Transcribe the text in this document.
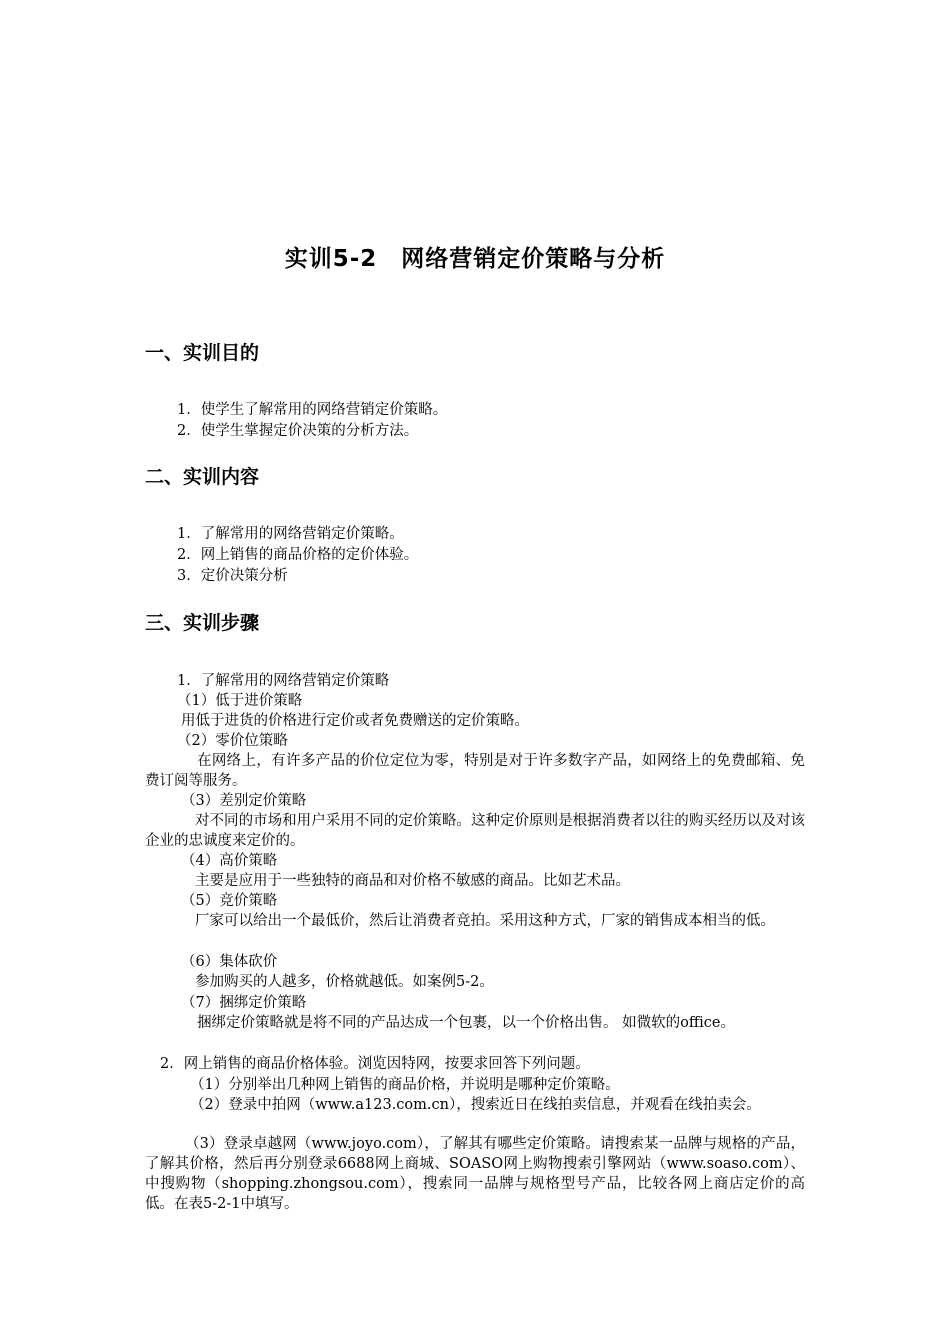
实训5-2　网络营销定价策略与分析
一、实训目的
1．使学生了解常用的网络营销定价策略。
2．使学生掌握定价决策的分析方法。
二、实训内容
1．了解常用的网络营销定价策略。
2．网上销售的商品价格的定价体验。
3．定价决策分析
三、实训步骤
1．了解常用的网络营销定价策略
（1）低于进价策略
用低于进货的价格进行定价或者免费赠送的定价策略。
（2）零价位策略
在网络上，有许多产品的价位定位为零，特别是对于许多数字产品，如网络上的免费邮箱、免费订阅等服务。
（3）差别定价策略
对不同的市场和用户采用不同的定价策略。这种定价原则是根据消费者以往的购买经历以及对该企业的忠诚度来定价的。
（4）高价策略
主要是应用于一些独特的商品和对价格不敏感的商品。比如艺术品。
（5）竞价策略
厂家可以给出一个最低价，然后让消费者竞拍。采用这种方式，厂家的销售成本相当的低。
（6）集体砍价
参加购买的人越多，价格就越低。如案例5-2。
（7）捆绑定价策略
捆绑定价策略就是将不同的产品达成一个包裹，以一个价格出售。 如微软的office。
2．网上销售的商品价格体验。浏览因特网，按要求回答下列问题。
（1）分别举出几种网上销售的商品价格，并说明是哪种定价策略。
（2）登录中拍网（www.a123.com.cn），搜索近日在线拍卖信息，并观看在线拍卖会。
（3）登录卓越网（www.joyo.com），了解其有哪些定价策略。请搜索某一品牌与规格的产品，了解其价格，然后再分别登录6688网上商城、SOASO网上购物搜索引擎网站（www.soaso.com）、中搜购物（shopping.zhongsou.com），搜索同一品牌与规格型号产品，比较各网上商店定价的高低。在表5-2-1中填写。
